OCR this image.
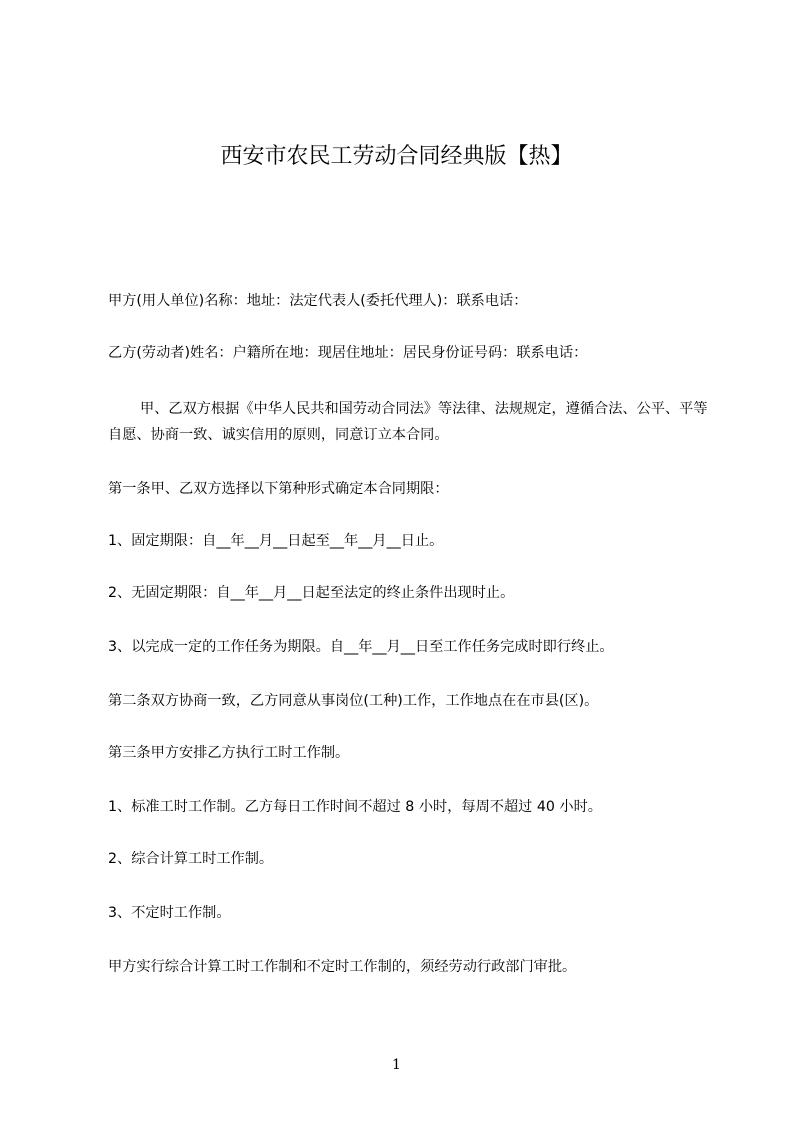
西安市农民工劳动合同经典版【热】
甲方(用人单位)名称：地址：法定代表人(委托代理人)：联系电话：
乙方(劳动者)姓名：户籍所在地：现居住地址：居民身份证号码：联系电话：
甲、乙双方根据《中华人民共和国劳动合同法》等法律、法规规定，遵循合法、公平、平等自愿、协商一致、诚实信用的原则，同意订立本合同。
第一条甲、乙双方选择以下第种形式确定本合同期限：
1、固定期限：自__年__月__日起至__年__月__日止。
2、无固定期限：自__年__月__日起至法定的终止条件出现时止。
3、以完成一定的工作任务为期限。自__年__月__日至工作任务完成时即行终止。
第二条双方协商一致，乙方同意从事岗位(工种)工作，工作地点在在市县(区)。
第三条甲方安排乙方执行工时工作制。
1、标准工时工作制。乙方每日工作时间不超过 8 小时，每周不超过 40 小时。
2、综合计算工时工作制。
3、不定时工作制。
甲方实行综合计算工时工作制和不定时工作制的，须经劳动行政部门审批。
1
